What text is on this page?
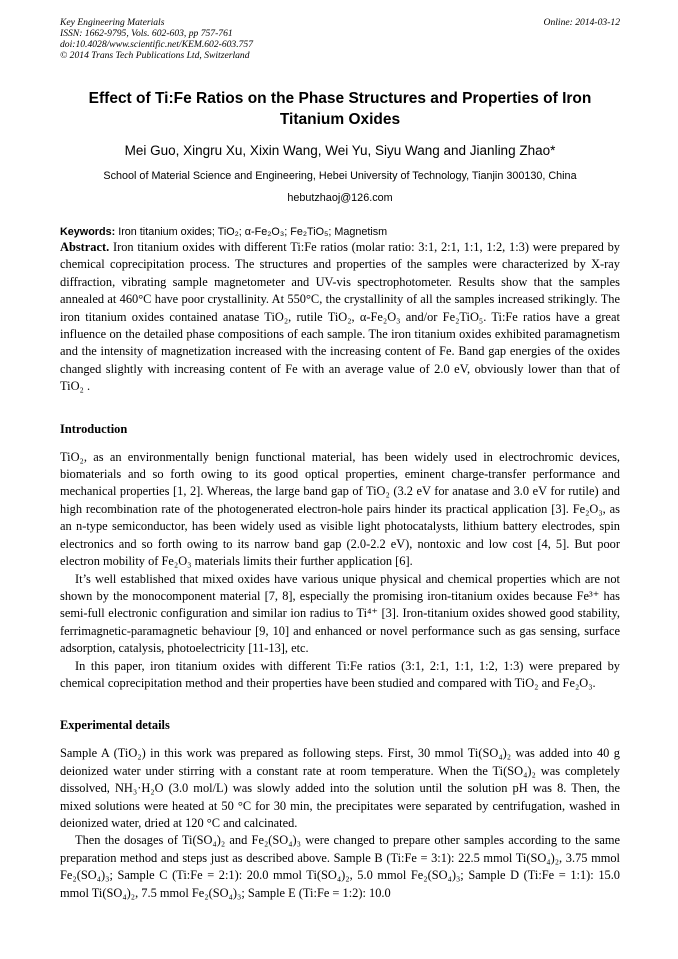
Key Engineering Materials
ISSN: 1662-9795, Vols. 602-603, pp 757-761
doi:10.4028/www.scientific.net/KEM.602-603.757
© 2014 Trans Tech Publications Ltd, Switzerland
Online: 2014-03-12
Effect of Ti:Fe Ratios on the Phase Structures and Properties of Iron Titanium Oxides
Mei Guo, Xingru Xu, Xixin Wang, Wei Yu, Siyu Wang and Jianling Zhao*
School of Material Science and Engineering, Hebei University of Technology, Tianjin 300130, China
hebutzhaoj@126.com
Keywords: Iron titanium oxides; TiO₂; α-Fe₂O₃; Fe₂TiO₅; Magnetism

Abstract. Iron titanium oxides with different Ti:Fe ratios (molar ratio: 3:1, 2:1, 1:1, 1:2, 1:3) were prepared by chemical coprecipitation process. The structures and properties of the samples were characterized by X-ray diffraction, vibrating sample magnetometer and UV-vis spectrophotometer. Results show that the samples annealed at 460°C have poor crystallinity. At 550°C, the crystallinity of all the samples increased strikingly. The iron titanium oxides contained anatase TiO₂, rutile TiO₂, α-Fe₂O₃ and/or Fe₂TiO₅. Ti:Fe ratios have a great influence on the detailed phase compositions of each sample. The iron titanium oxides exhibited paramagnetism and the intensity of magnetization increased with the increasing content of Fe. Band gap energies of the oxides changed slightly with increasing content of Fe with an average value of 2.0 eV, obviously lower than that of TiO₂ .

Introduction

TiO₂, as an environmentally benign functional material, has been widely used in electrochromic devices, biomaterials and so forth owing to its good optical properties, eminent charge-transfer performance and mechanical properties [1, 2]. Whereas, the large band gap of TiO₂ (3.2 eV for anatase and 3.0 eV for rutile) and high recombination rate of the photogenerated electron-hole pairs hinder its practical application [3]. Fe₂O₃, as an n-type semiconductor, has been widely used as visible light photocatalysts, lithium battery electrodes, spin electronics and so forth owing to its narrow band gap (2.0-2.2 eV), nontoxic and low cost [4, 5]. But poor electron mobility of Fe₂O₃ materials limits their further application [6].

It’s well established that mixed oxides have various unique physical and chemical properties which are not shown by the monocomponent material [7, 8], especially the promising iron-titanium oxides because Fe³⁺ has semi-full electronic configuration and similar ion radius to Ti⁴⁺ [3]. Iron-titanium oxides showed good stability, ferrimagnetic-paramagnetic behaviour [9, 10] and enhanced or novel performance such as gas sensing, surface adsorption, catalysis, photoelectricity [11-13], etc.

In this paper, iron titanium oxides with different Ti:Fe ratios (3:1, 2:1, 1:1, 1:2, 1:3) were prepared by chemical coprecipitation method and their properties have been studied and compared with TiO₂ and Fe₂O₃.

Experimental details

Sample A (TiO₂) in this work was prepared as following steps. First, 30 mmol Ti(SO₄)₂ was added into 40 g deionized water under stirring with a constant rate at room temperature. When the Ti(SO₄)₂ was completely dissolved, NH₃·H₂O (3.0 mol/L) was slowly added into the solution until the solution pH was 8. Then, the mixed solutions were heated at 50 °C for 30 min, the precipitates were separated by centrifugation, washed in deionized water, dried at 120 °C and calcinated.

Then the dosages of Ti(SO₄)₂ and Fe₂(SO₄)₃ were changed to prepare other samples according to the same preparation method and steps just as described above. Sample B (Ti:Fe = 3:1): 22.5 mmol Ti(SO₄)₂, 3.75 mmol Fe₂(SO₄)₃; Sample C (Ti:Fe = 2:1): 20.0 mmol Ti(SO₄)₂, 5.0 mmol Fe₂(SO₄)₃; Sample D (Ti:Fe = 1:1): 15.0 mmol Ti(SO₄)₂, 7.5 mmol Fe₂(SO₄)₃; Sample E (Ti:Fe = 1:2): 10.0
